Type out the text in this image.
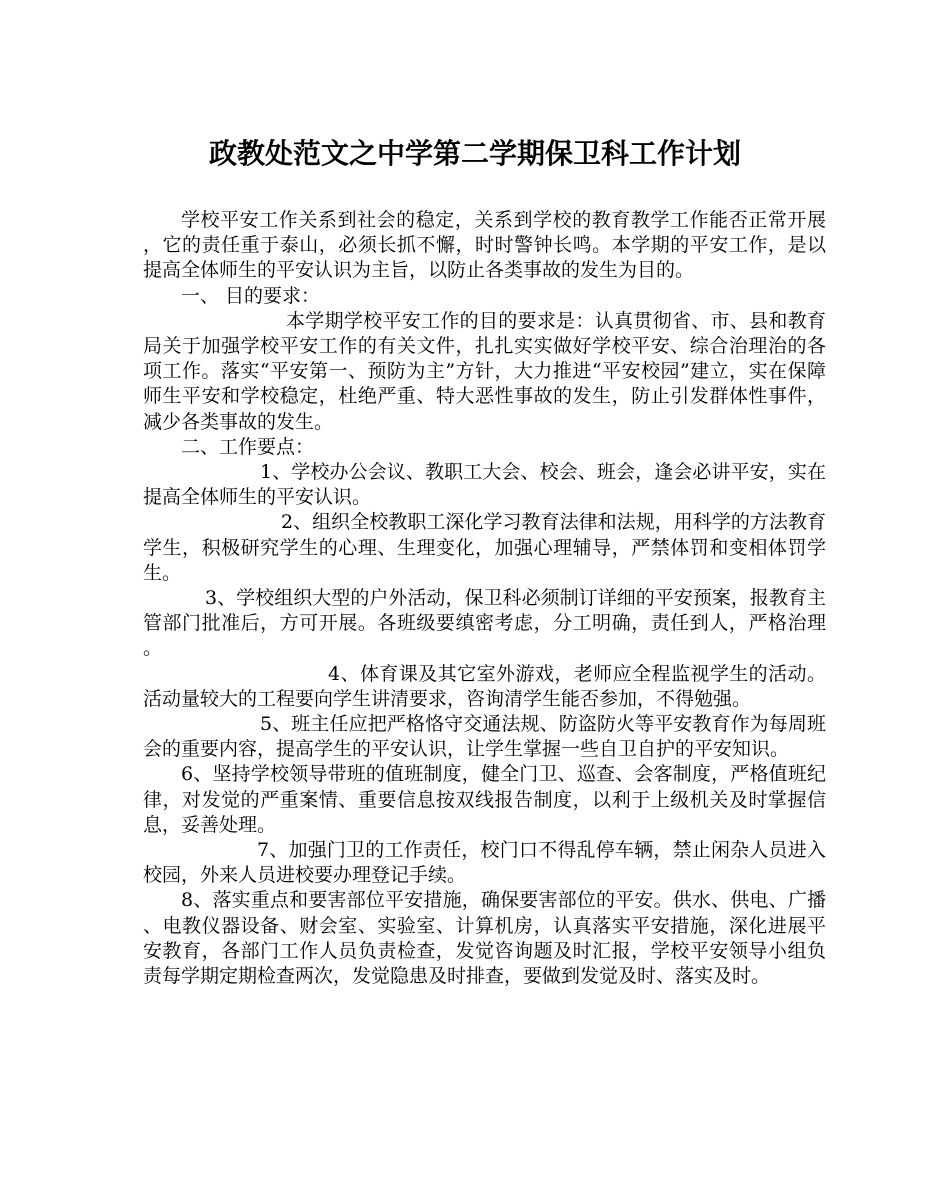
政教处范文之中学第二学期保卫科工作计划

学校平安工作关系到社会的稳定，关系到学校的教育教学工作能否正常开展，它的责任重于泰山，必须长抓不懈，时时警钟长鸣。本学期的平安工作，是以提高全体师生的平安认识为主旨，以防止各类事故的发生为目的。

一、 目的要求：

本学期学校平安工作的目的要求是：认真贯彻省、市、县和教育局关于加强学校平安工作的有关文件，扎扎实实做好学校平安、综合治理治的各项工作。落实“平安第一、预防为主”方针，大力推进“平安校园”建立，实在保障师生平安和学校稳定，杜绝严重、特大恶性事故的发生，防止引发群体性事件，减少各类事故的发生。

二、工作要点：

1、学校办公会议、教职工大会、校会、班会，逢会必讲平安，实在提高全体师生的平安认识。

2、组织全校教职工深化学习教育法律和法规，用科学的方法教育学生，积极研究学生的心理、生理变化，加强心理辅导，严禁体罚和变相体罚学生。

3、学校组织大型的户外活动，保卫科必须制订详细的平安预案，报教育主管部门批准后，方可开展。各班级要缜密考虑，分工明确，责任到人，严格治理。

4、体育课及其它室外游戏，老师应全程监视学生的活动。活动量较大的工程要向学生讲清要求，咨询清学生能否参加，不得勉强。

5、班主任应把严格恪守交通法规、防盗防火等平安教育作为每周班会的重要内容，提高学生的平安认识，让学生掌握一些自卫自护的平安知识。

6、坚持学校领导带班的值班制度，健全门卫、巡查、会客制度，严格值班纪律，对发觉的严重案情、重要信息按双线报告制度，以利于上级机关及时掌握信息，妥善处理。

7、加强门卫的工作责任，校门口不得乱停车辆，禁止闲杂人员进入校园，外来人员进校要办理登记手续。

8、落实重点和要害部位平安措施，确保要害部位的平安。供水、供电、广播、电教仪器设备、财会室、实验室、计算机房，认真落实平安措施，深化进展平安教育，各部门工作人员负责检查，发觉咨询题及时汇报，学校平安领导小组负责每学期定期检查两次，发觉隐患及时排查，要做到发觉及时、落实及时。
